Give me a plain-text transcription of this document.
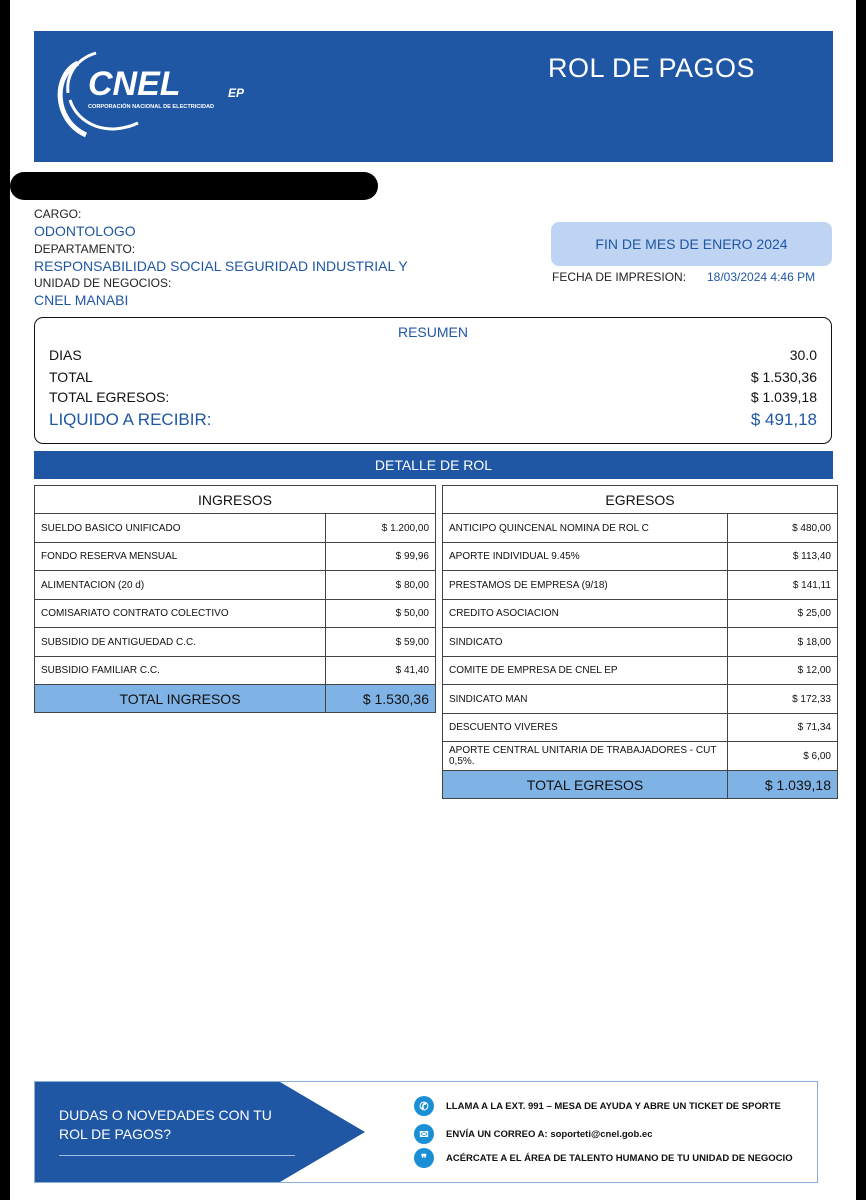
CNEL	EP
CORPORACIÓN NACIONAL DE ELECTRICIDAD
ROL DE PAGOS
CARGO:
ODONTOLOGO
DEPARTAMENTO:
RESPONSABILIDAD SOCIAL SEGURIDAD INDUSTRIAL Y
UNIDAD DE NEGOCIOS:
CNEL MANABI
FIN DE MES DE ENERO 2024
FECHA DE IMPRESION: 18/03/2024 4:46 PM
RESUMEN
DIAS	30.0
TOTAL	$ 1.530,36
TOTAL EGRESOS:	$ 1.039,18
LIQUIDO A RECIBIR:	$ 491,18
DETALLE DE ROL
INGRESOS	
SUELDO BASICO UNIFICADO	$ 1.200,00
FONDO RESERVA MENSUAL	$ 99,96
ALIMENTACION (20 d)	$ 80,00
COMISARIATO CONTRATO COLECTIVO	$ 50,00
SUBSIDIO DE ANTIGUEDAD C.C.	$ 59,00
SUBSIDIO FAMILIAR C.C.	$ 41,40
TOTAL INGRESOS	$ 1.530,36
EGRESOS	
ANTICIPO QUINCENAL NOMINA DE ROL C	$ 480,00
APORTE INDIVIDUAL 9.45%	$ 113,40
PRESTAMOS DE EMPRESA (9/18)	$ 141,11
CREDITO ASOCIACION	$ 25,00
SINDICATO	$ 18,00
COMITE DE EMPRESA DE CNEL EP	$ 12,00
SINDICATO MAN	$ 172,33
DESCUENTO VIVERES	$ 71,34
APORTE CENTRAL UNITARIA DE TRABAJADORES - CUT 0,5%.	$ 6,00
TOTAL EGRESOS	$ 1.039,18
DUDAS O NOVEDADES CON TU ROL DE PAGOS?
✆	LLAMA A LA EXT. 991 – MESA DE AYUDA Y ABRE UN TICKET DE SPORTE
✉	ENVÍA UN CORREO A: soporteti@cnel.gob.ec
❞	ACÉRCATE A EL ÁREA DE TALENTO HUMANO DE TU UNIDAD DE NEGOCIO
